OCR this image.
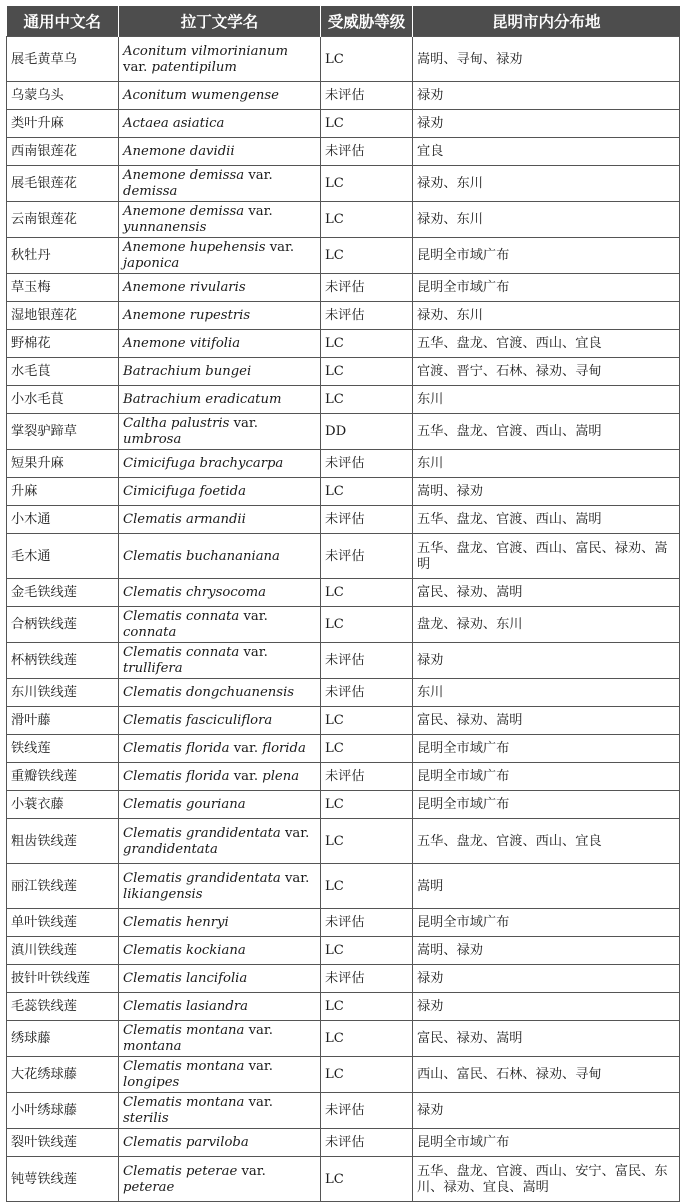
通用中文名	拉丁文学名	受威胁等级	昆明市内分布地
展毛黄草乌	Aconitum vilmorinianum var. patentipilum	LC	嵩明、寻甸、禄劝
乌蒙乌头	Aconitum wumengense	未评估	禄劝
类叶升麻	Actaea asiatica	LC	禄劝
西南银莲花	Anemone davidii	未评估	宜良
展毛银莲花	Anemone demissa var. demissa	LC	禄劝、东川
云南银莲花	Anemone demissa var. yunnanensis	LC	禄劝、东川
秋牡丹	Anemone hupehensis var. japonica	LC	昆明全市域广布
草玉梅	Anemone rivularis	未评估	昆明全市域广布
湿地银莲花	Anemone rupestris	未评估	禄劝、东川
野棉花	Anemone vitifolia	LC	五华、盘龙、官渡、西山、宜良
水毛茛	Batrachium bungei	LC	官渡、晋宁、石林、禄劝、寻甸
小水毛茛	Batrachium eradicatum	LC	东川
掌裂驴蹄草	Caltha palustris var. umbrosa	DD	五华、盘龙、官渡、西山、嵩明
短果升麻	Cimicifuga brachycarpa	未评估	东川
升麻	Cimicifuga foetida	LC	嵩明、禄劝
小木通	Clematis armandii	未评估	五华、盘龙、官渡、西山、嵩明
毛木通	Clematis buchananiana	未评估	五华、盘龙、官渡、西山、富民、禄劝、嵩明
金毛铁线莲	Clematis chrysocoma	LC	富民、禄劝、嵩明
合柄铁线莲	Clematis connata var. connata	LC	盘龙、禄劝、东川
杯柄铁线莲	Clematis connata var. trullifera	未评估	禄劝
东川铁线莲	Clematis dongchuanensis	未评估	东川
滑叶藤	Clematis fasciculiflora	LC	富民、禄劝、嵩明
铁线莲	Clematis florida var. florida	LC	昆明全市域广布
重瓣铁线莲	Clematis florida var. plena	未评估	昆明全市域广布
小蓑衣藤	Clematis gouriana	LC	昆明全市域广布
粗齿铁线莲	Clematis grandidentata var. grandidentata	LC	五华、盘龙、官渡、西山、宜良
丽江铁线莲	Clematis grandidentata var. likiangensis	LC	嵩明
单叶铁线莲	Clematis henryi	未评估	昆明全市域广布
滇川铁线莲	Clematis kockiana	LC	嵩明、禄劝
披针叶铁线莲	Clematis lancifolia	未评估	禄劝
毛蕊铁线莲	Clematis lasiandra	LC	禄劝
绣球藤	Clematis montana var. montana	LC	富民、禄劝、嵩明
大花绣球藤	Clematis montana var. longipes	LC	西山、富民、石林、禄劝、寻甸
小叶绣球藤	Clematis montana var. sterilis	未评估	禄劝
裂叶铁线莲	Clematis parviloba	未评估	昆明全市域广布
钝萼铁线莲	Clematis peterae var. peterae	LC	五华、盘龙、官渡、西山、安宁、富民、东川、禄劝、宜良、嵩明
